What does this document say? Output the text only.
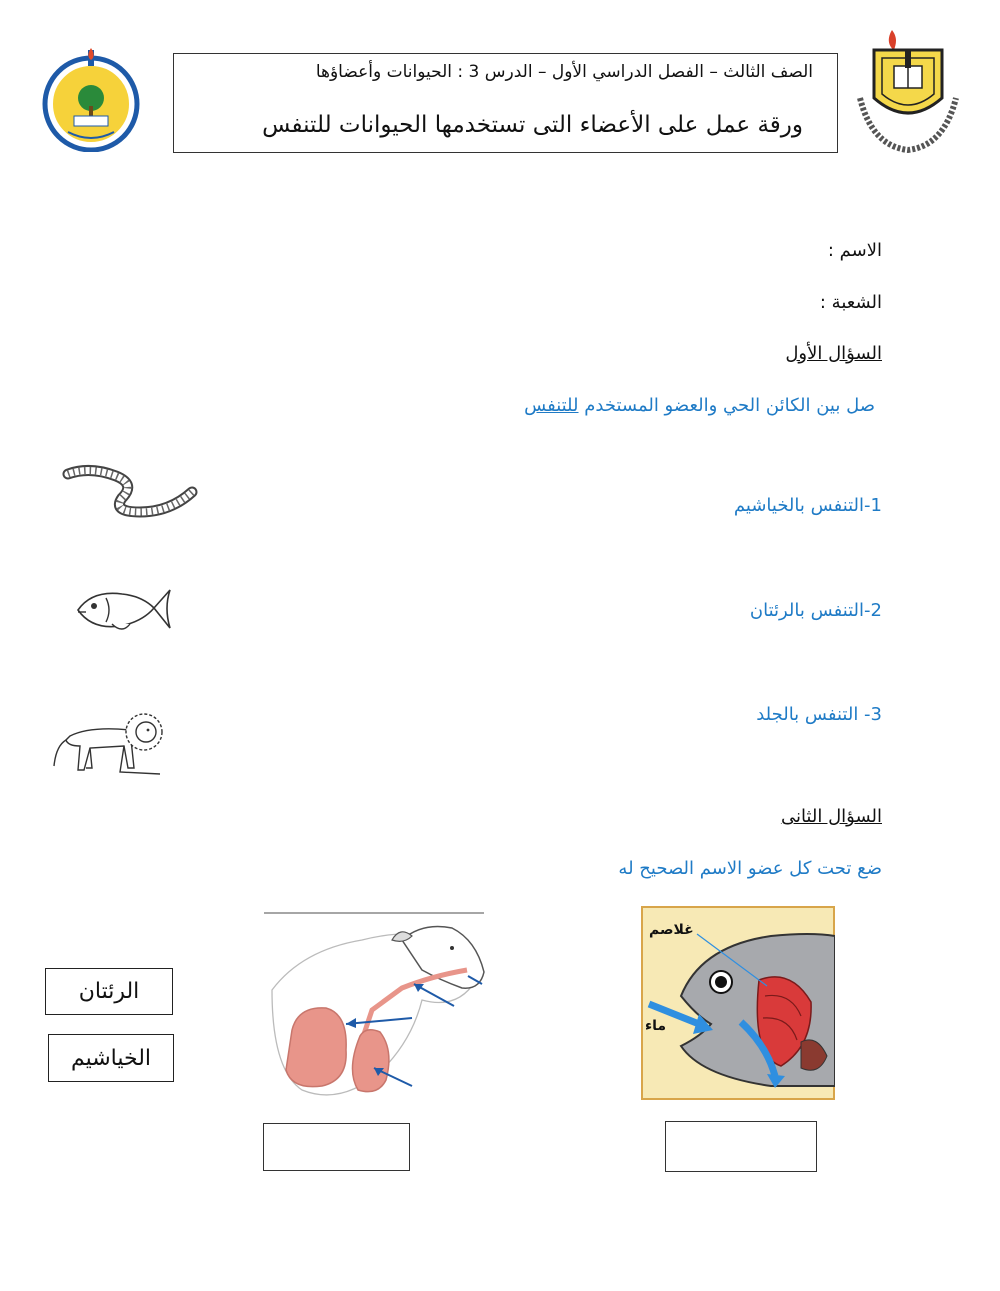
الصف الثالث – الفصل الدراسي الأول – الدرس 3 : الحيوانات وأعضاؤها
ورقة عمل على الأعضاء التى تستخدمها الحيوانات للتنفس
الاسم :
الشعبة :
السؤال الأول
صل بين الكائن الحي والعضو المستخدم للتنفس
1-التنفس بالخياشيم
2-التنفس بالرئتان
3- التنفس بالجلد
السؤال الثانى
ضع تحت كل عضو الاسم الصحيح له
الرئتان
الخياشيم
غلاصم
ماء
